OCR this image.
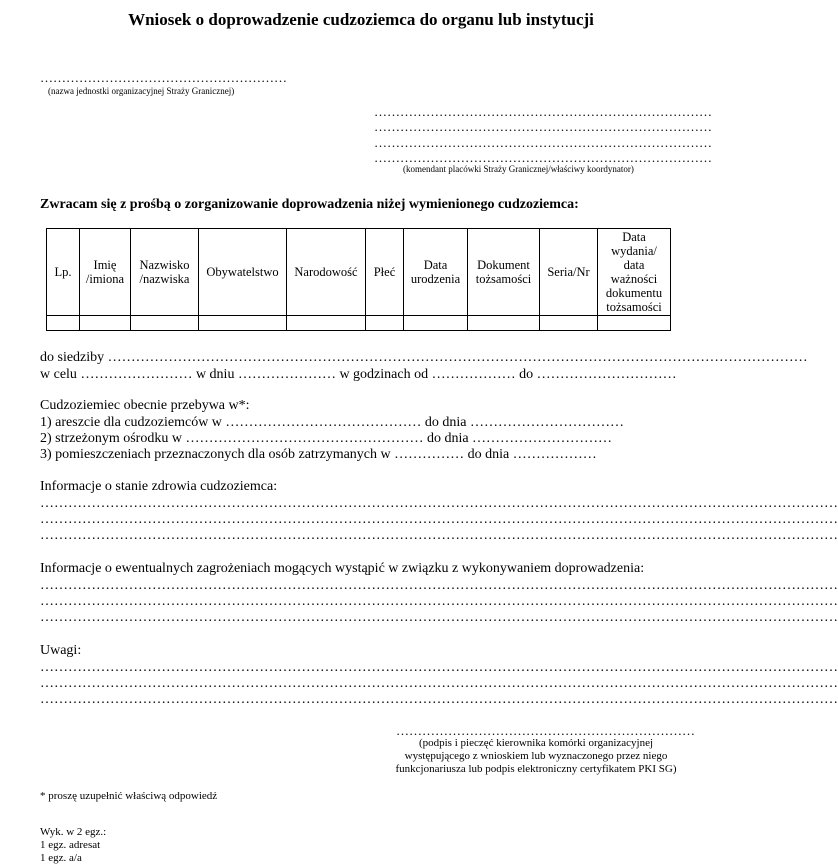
Wniosek o doprowadzenie cudzoziemca do organu lub instytucji
…………………………………………………
(nazwa jednostki organizacyjnej Straży Granicznej)
……………………………………………………………………
……………………………………………………………………
……………………………………………………………………
……………………………………………………………………
(komendant placówki Straży Granicznej/właściwy koordynator)
Zwracam się z prośbą o zorganizowanie doprowadzenia niżej wymienionego cudzoziemca:
Lp.	Imię /imiona	Nazwisko /nazwiska	Obywatelstwo	Narodowość	Płeć	Data urodzenia	Dokument tożsamości	Seria/Nr	Data wydania/ data ważności dokumentu tożsamości

do siedziby ……………………………………………………………………………………………………………………………………
w celu …………………… w dniu ………………… w godzinach od ……………… do …………………………
Cudzoziemiec obecnie przebywa w*:
1) areszcie dla cudzoziemców w …………………………………… do dnia ……………………………
2) strzeżonym ośrodku w …………………………………………… do dnia …………………………
3) pomieszczeniach przeznaczonych dla osób zatrzymanych w …………… do dnia ………………
Informacje o stanie zdrowia cudzoziemca:
………………………………………………………………………………………………………………………………………………………
………………………………………………………………………………………………………………………………………………………
………………………………………………………………………………………………………………………………………………………
Informacje o ewentualnych zagrożeniach mogących wystąpić w związku z wykonywaniem doprowadzenia:
………………………………………………………………………………………………………………………………………………………
………………………………………………………………………………………………………………………………………………………
………………………………………………………………………………………………………………………………………………………
Uwagi:
………………………………………………………………………………………………………………………………………………………
………………………………………………………………………………………………………………………………………………………
………………………………………………………………………………………………………………………………………………………
……………………………………………………………
(podpis i pieczęć kierownika komórki organizacyjnej występującego z wnioskiem lub wyznaczonego przez niego funkcjonariusza lub podpis elektroniczny certyfikatem PKI SG)
* proszę uzupełnić właściwą odpowiedź
Wyk. w 2 egz.:
1 egz. adresat
1 egz. a/a
